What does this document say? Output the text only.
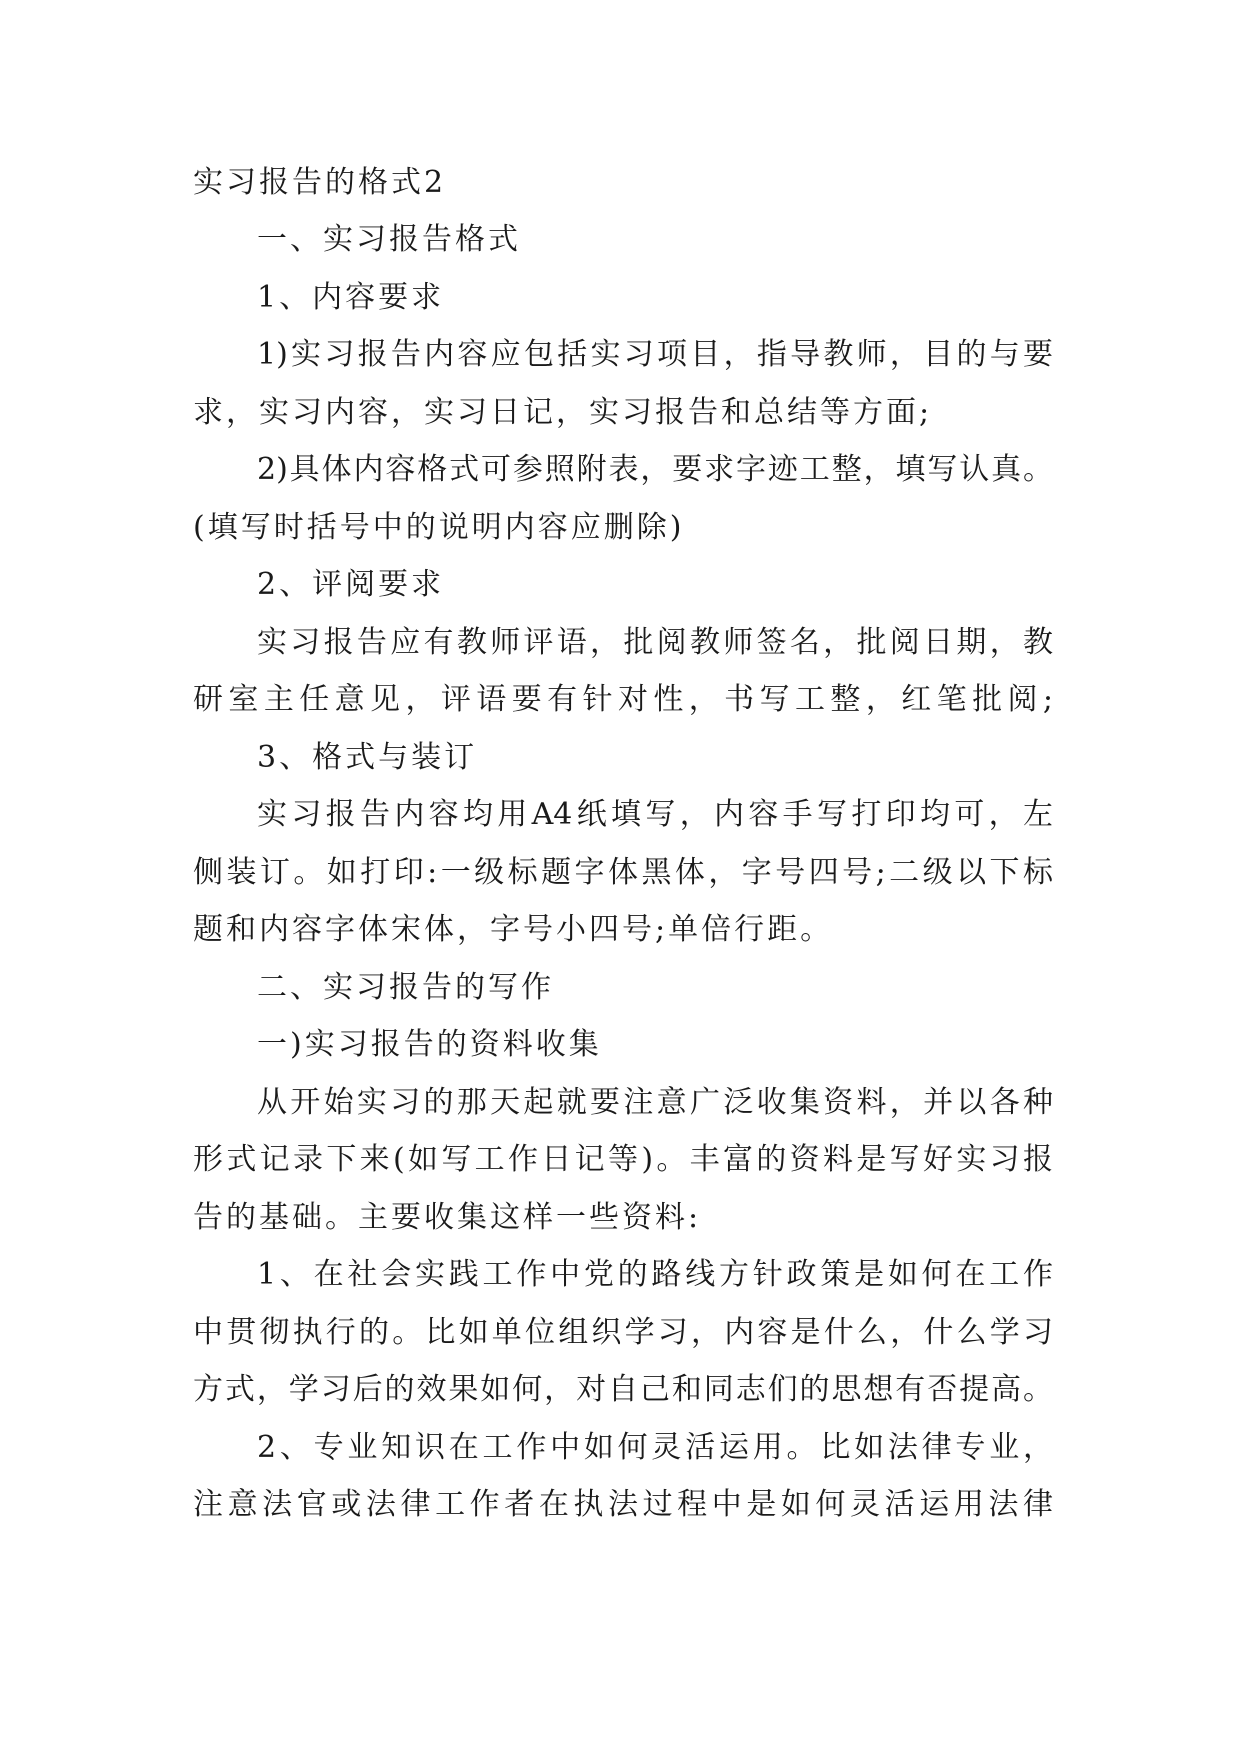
实习报告的格式2
一、实习报告格式
1、内容要求
1)实习报告内容应包括实习项目，指导教师，目的与要
求，实习内容，实习日记，实习报告和总结等方面;
2)具体内容格式可参照附表，要求字迹工整，填写认真。
(填写时括号中的说明内容应删除)
2、评阅要求
实习报告应有教师评语，批阅教师签名，批阅日期，教
研室主任意见，评语要有针对性，书写工整，红笔批阅;
3、格式与装订
实习报告内容均用A4纸填写，内容手写打印均可，左
侧装订。如打印:一级标题字体黑体，字号四号;二级以下标
题和内容字体宋体，字号小四号;单倍行距。
二、实习报告的写作
一)实习报告的资料收集
从开始实习的那天起就要注意广泛收集资料，并以各种
形式记录下来(如写工作日记等)。丰富的资料是写好实习报
告的基础。主要收集这样一些资料:
1、在社会实践工作中党的路线方针政策是如何在工作
中贯彻执行的。比如单位组织学习，内容是什么，什么学习
方式，学习后的效果如何，对自己和同志们的思想有否提高。
2、专业知识在工作中如何灵活运用。比如法律专业，
注意法官或法律工作者在执法过程中是如何灵活运用法律
